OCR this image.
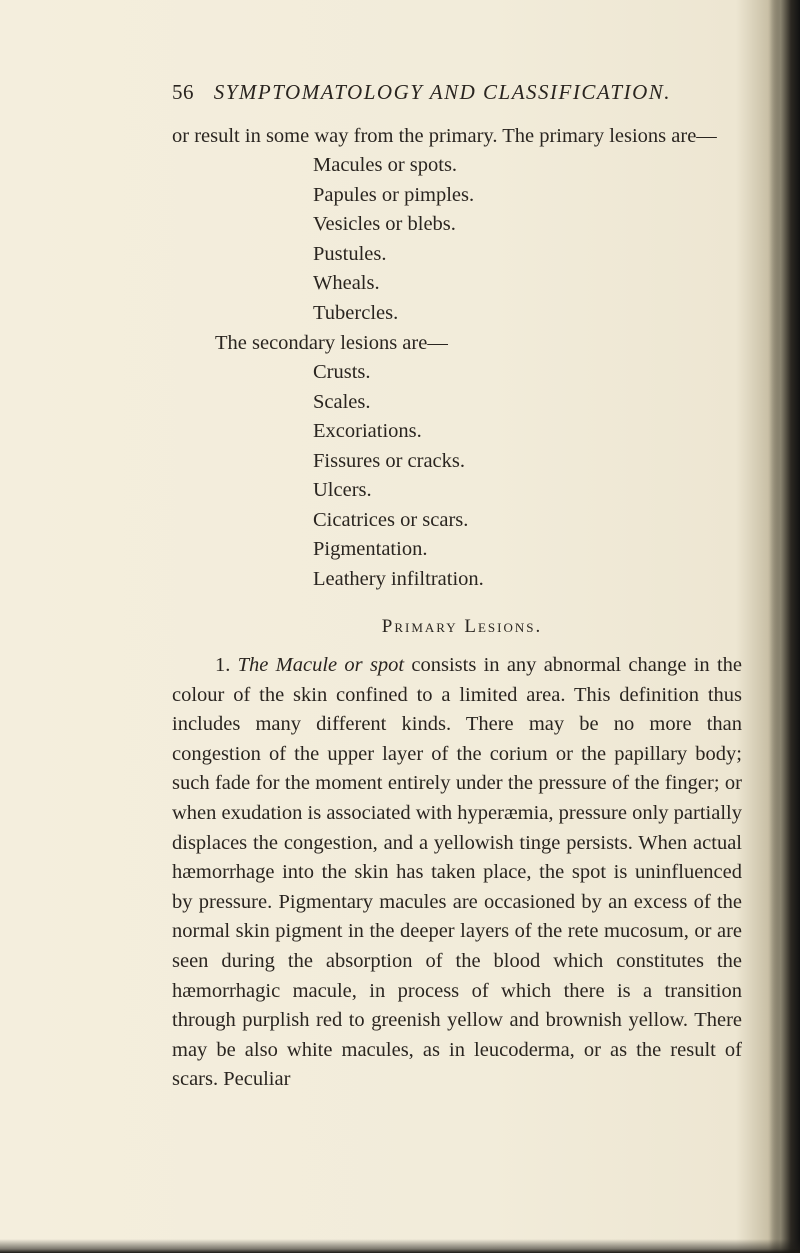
56 SYMPTOMATOLOGY AND CLASSIFICATION.

or result in some way from the primary. The primary lesions are—

Macules or spots.
Papules or pimples.
Vesicles or blebs.
Pustules.
Wheals.
Tubercles.

The secondary lesions are—

Crusts.
Scales.
Excoriations.
Fissures or cracks.
Ulcers.
Cicatrices or scars.
Pigmentation.
Leathery infiltration.

Primary Lesions.

1. The Macule or spot consists in any abnormal change in the colour of the skin confined to a limited area. This definition thus includes many different kinds. There may be no more than congestion of the upper layer of the corium or the papillary body; such fade for the moment entirely under the pressure of the finger; or when exudation is associated with hyperæmia, pressure only partially displaces the congestion, and a yellowish tinge persists. When actual hæmorrhage into the skin has taken place, the spot is uninfluenced by pressure. Pigmentary macules are occasioned by an excess of the normal skin pigment in the deeper layers of the rete mucosum, or are seen during the absorption of the blood which constitutes the hæmorrhagic macule, in process of which there is a transition through purplish red to greenish yellow and brownish yellow. There may be also white macules, as in leucoderma, or as the result of scars. Peculiar
